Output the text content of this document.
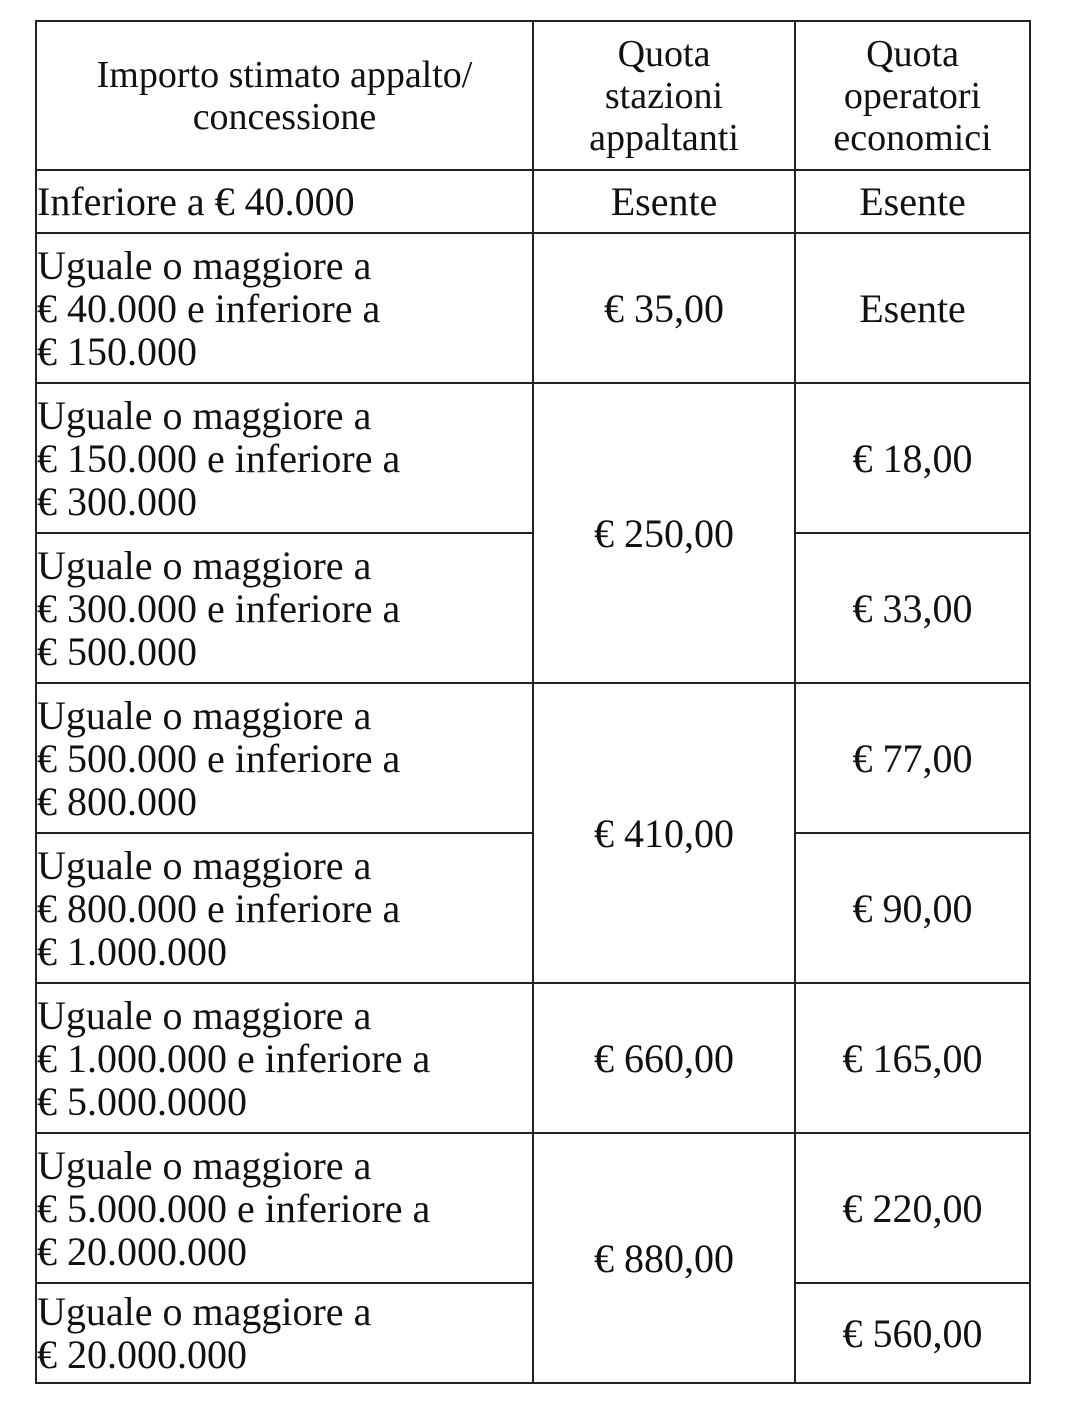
Importo stimato appalto/
concessione	Quota
stazioni
appaltanti	Quota
operatori
economici
Inferiore a € 40.000	Esente	Esente
Uguale o maggiore a
€ 40.000 e inferiore a
€ 150.000	€ 35,00	Esente
Uguale o maggiore a
€ 150.000 e inferiore a
€ 300.000	€ 250,00	€ 18,00
Uguale o maggiore a
€ 300.000 e inferiore a
€ 500.000		€ 33,00
Uguale o maggiore a
€ 500.000 e inferiore a
€ 800.000	€ 410,00	€ 77,00
Uguale o maggiore a
€ 800.000 e inferiore a
€ 1.000.000		€ 90,00
Uguale o maggiore a
€ 1.000.000 e inferiore a
€ 5.000.0000	€ 660,00	€ 165,00
Uguale o maggiore a
€ 5.000.000 e inferiore a
€ 20.000.000	€ 880,00	€ 220,00
Uguale o maggiore a
€ 20.000.000		€ 560,00
